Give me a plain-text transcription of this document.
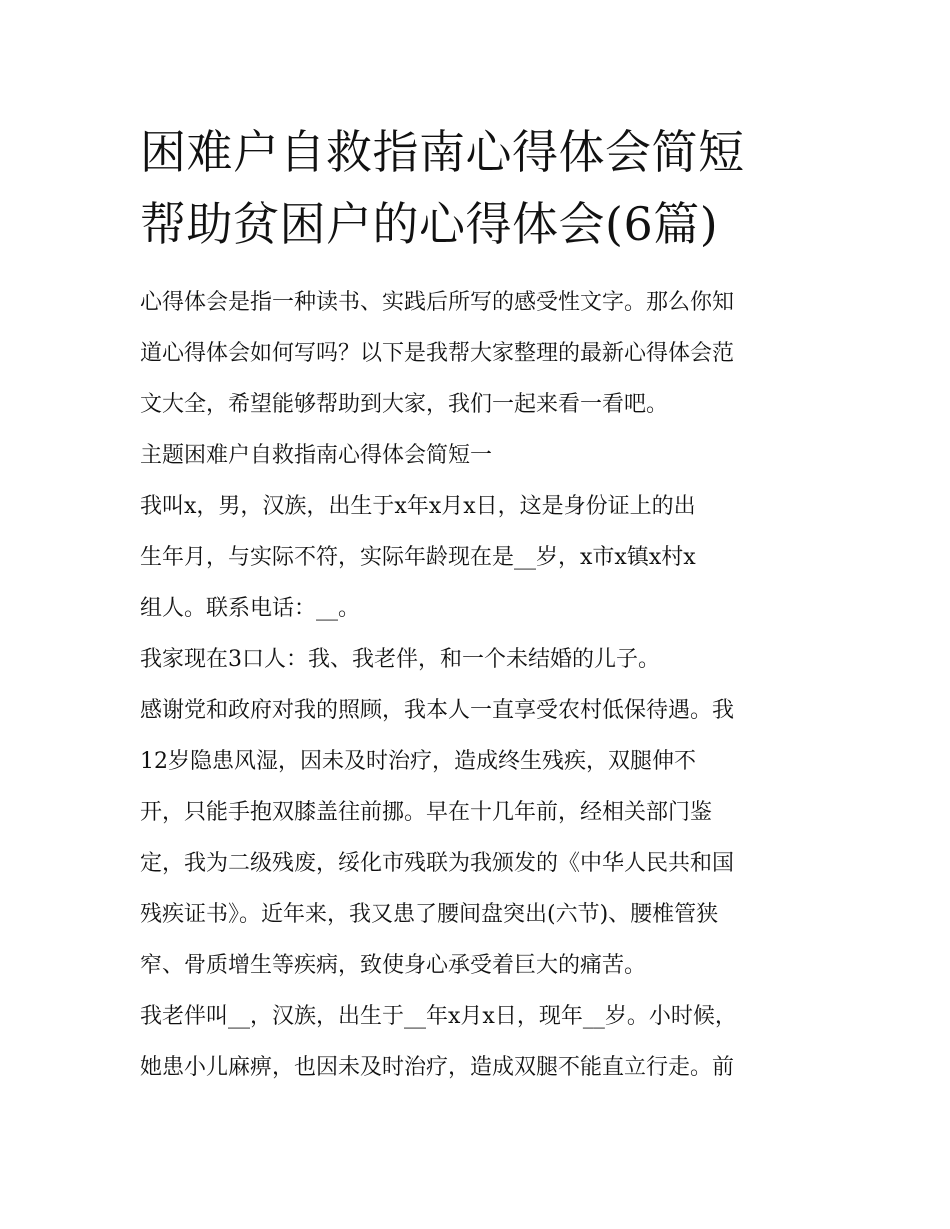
困难户自救指南心得体会简短
帮助贫困户的心得体会(6篇)
心得体会是指一种读书、实践后所写的感受性文字。那么你知
道心得体会如何写吗？以下是我帮大家整理的最新心得体会范
文大全，希望能够帮助到大家，我们一起来看一看吧。
主题困难户自救指南心得体会简短一
我叫x，男，汉族，出生于x年x月x日，这是身份证上的出
生年月，与实际不符，实际年龄现在是__岁，x市x镇x村x
组人。联系电话：__。
我家现在3口人：我、我老伴，和一个未结婚的儿子。
感谢党和政府对我的照顾，我本人一直享受农村低保待遇。我
12岁隐患风湿，因未及时治疗，造成终生残疾，双腿伸不
开，只能手抱双膝盖往前挪。早在十几年前，经相关部门鉴
定，我为二级残废，绥化市残联为我颁发的《中华人民共和国
残疾证书》。近年来，我又患了腰间盘突出(六节)、腰椎管狭
窄、骨质增生等疾病，致使身心承受着巨大的痛苦。
我老伴叫__，汉族，出生于__年x月x日，现年__岁。小时候，
她患小儿麻痹，也因未及时治疗，造成双腿不能直立行走。前
